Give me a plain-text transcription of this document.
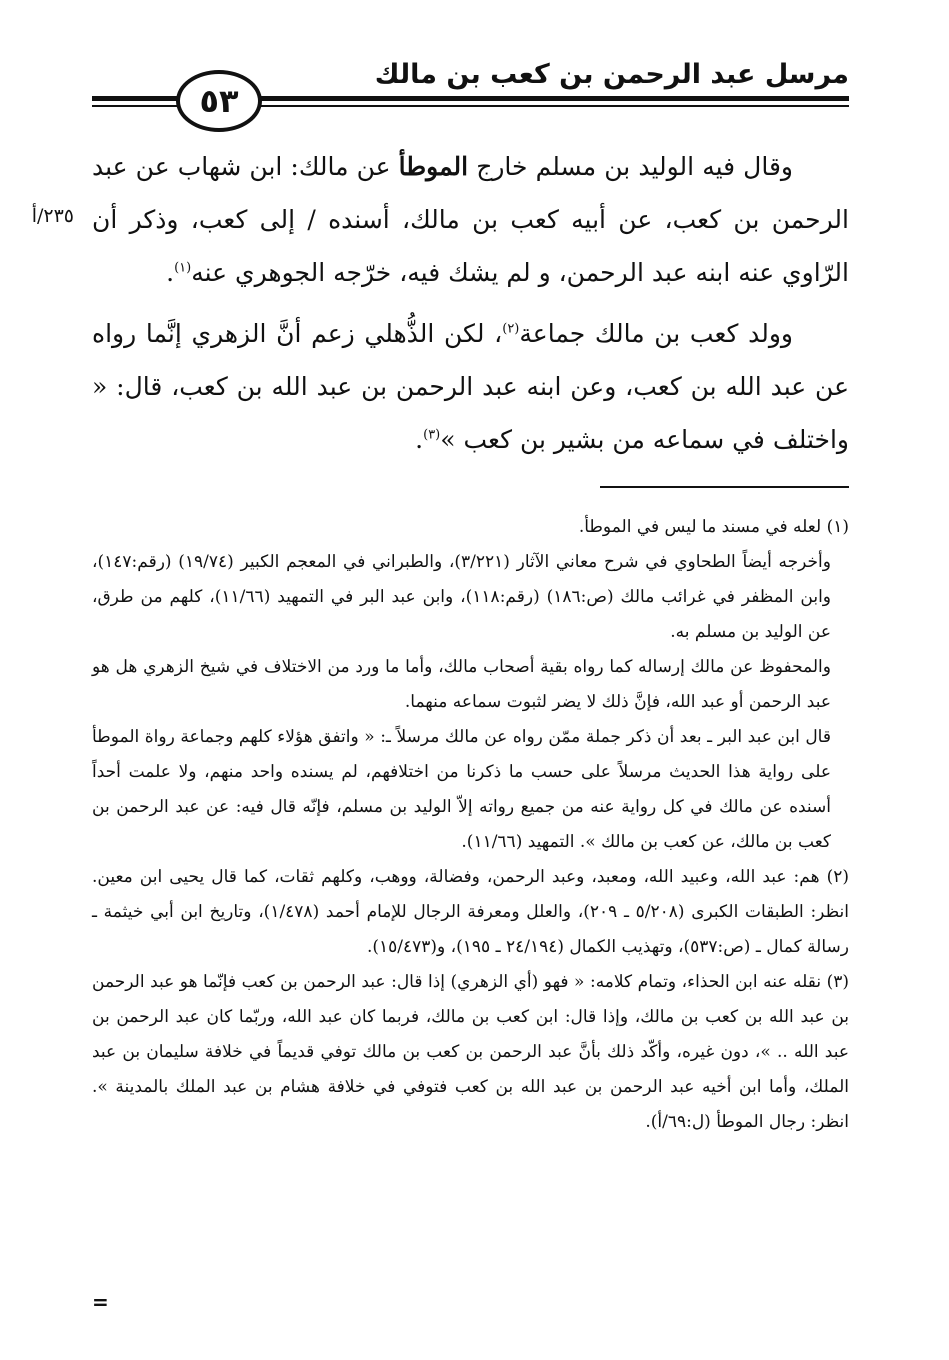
مرسل عبد الرحمن بن كعب بن مالك
٥٣
٢٣٥/أ

وقال فيه الوليد بن مسلم خارج الموطأ عن مالك: ابن شهاب عن عبد الرحمن بن كعب، عن أبيه كعب بن مالك، أسنده / إلى كعب، وذكر أن الرّاوي عنه ابنه عبد الرحمن، و لم يشك فيه، خرّجه الجوهري عنه$^{(١)}$.

وولد كعب بن مالك جماعة$^{(٢)}$، لكن الذُّهلي زعم أنَّ الزهري إنَّما رواه عن عبد الله بن كعب، وعن ابنه عبد الرحمن بن عبد الله بن كعب، قال: « واختلف في سماعه من بشير بن كعب »$^{(٣)}$.

(١) لعله في مسند ما ليس في الموطأ.

وأخرجه أيضاً الطحاوي في شرح معاني الآثار (٣/٢٢١)، والطبراني في المعجم الكبير (١٩/٧٤) (رقم:١٤٧)، وابن المظفر في غرائب مالك (ص:١٨٦) (رقم:١١٨)، وابن عبد البر في التمهيد (١١/٦٦)، كلهم من طرق، عن الوليد بن مسلم به.

والمحفوظ عن مالك إرساله كما رواه بقية أصحاب مالك، وأما ما ورد من الاختلاف في شيخ الزهري هل هو عبد الرحمن أو عبد الله، فإنَّ ذلك لا يضر لثبوت سماعه منهما.

قال ابن عبد البر ـ بعد أن ذكر جملة ممّن رواه عن مالك مرسلاً ـ: « واتفق هؤلاء كلهم وجماعة رواة الموطأ على رواية هذا الحديث مرسلاً على حسب ما ذكرنا من اختلافهم، لم يسنده واحد منهم، ولا علمت أحداً أسنده عن مالك في كل رواية عنه من جميع رواته إلاّ الوليد بن مسلم، فإنّه قال فيه: عن عبد الرحمن بن كعب بن مالك، عن كعب بن مالك ». التمهيد (١١/٦٦).

(٢) هم: عبد الله، وعبيد الله، ومعبد، وعبد الرحمن، وفضالة، ووهب، وكلهم ثقات، كما قال يحيى ابن معين. انظر: الطبقات الكبرى (٥/٢٠٨ ـ ٢٠٩)، والعلل ومعرفة الرجال للإمام أحمد (١/٤٧٨)، وتاريخ ابن أبي خيثمة ـ رسالة كمال ـ (ص:٥٣٧)، وتهذيب الكمال (٢٤/١٩٤ ـ ١٩٥)، و(١٥/٤٧٣).

(٣) نقله عنه ابن الحذاء، وتمام كلامه: « فهو (أي الزهري) إذا قال: عبد الرحمن بن كعب فإنّما هو عبد الرحمن بن عبد الله بن كعب بن مالك، وإذا قال: ابن كعب بن مالك، فربما كان عبد الله، وربّما كان عبد الرحمن بن عبد الله .. »، دون غيره، وأكّد ذلك بأنَّ عبد الرحمن بن كعب بن مالك توفي قديماً في خلافة سليمان بن عبد الملك، وأما ابن أخيه عبد الرحمن بن عبد الله بن كعب فتوفي في خلافة هشام بن عبد الملك بالمدينة ». انظر: رجال الموطأ (ل:٦٩/أ).

=
